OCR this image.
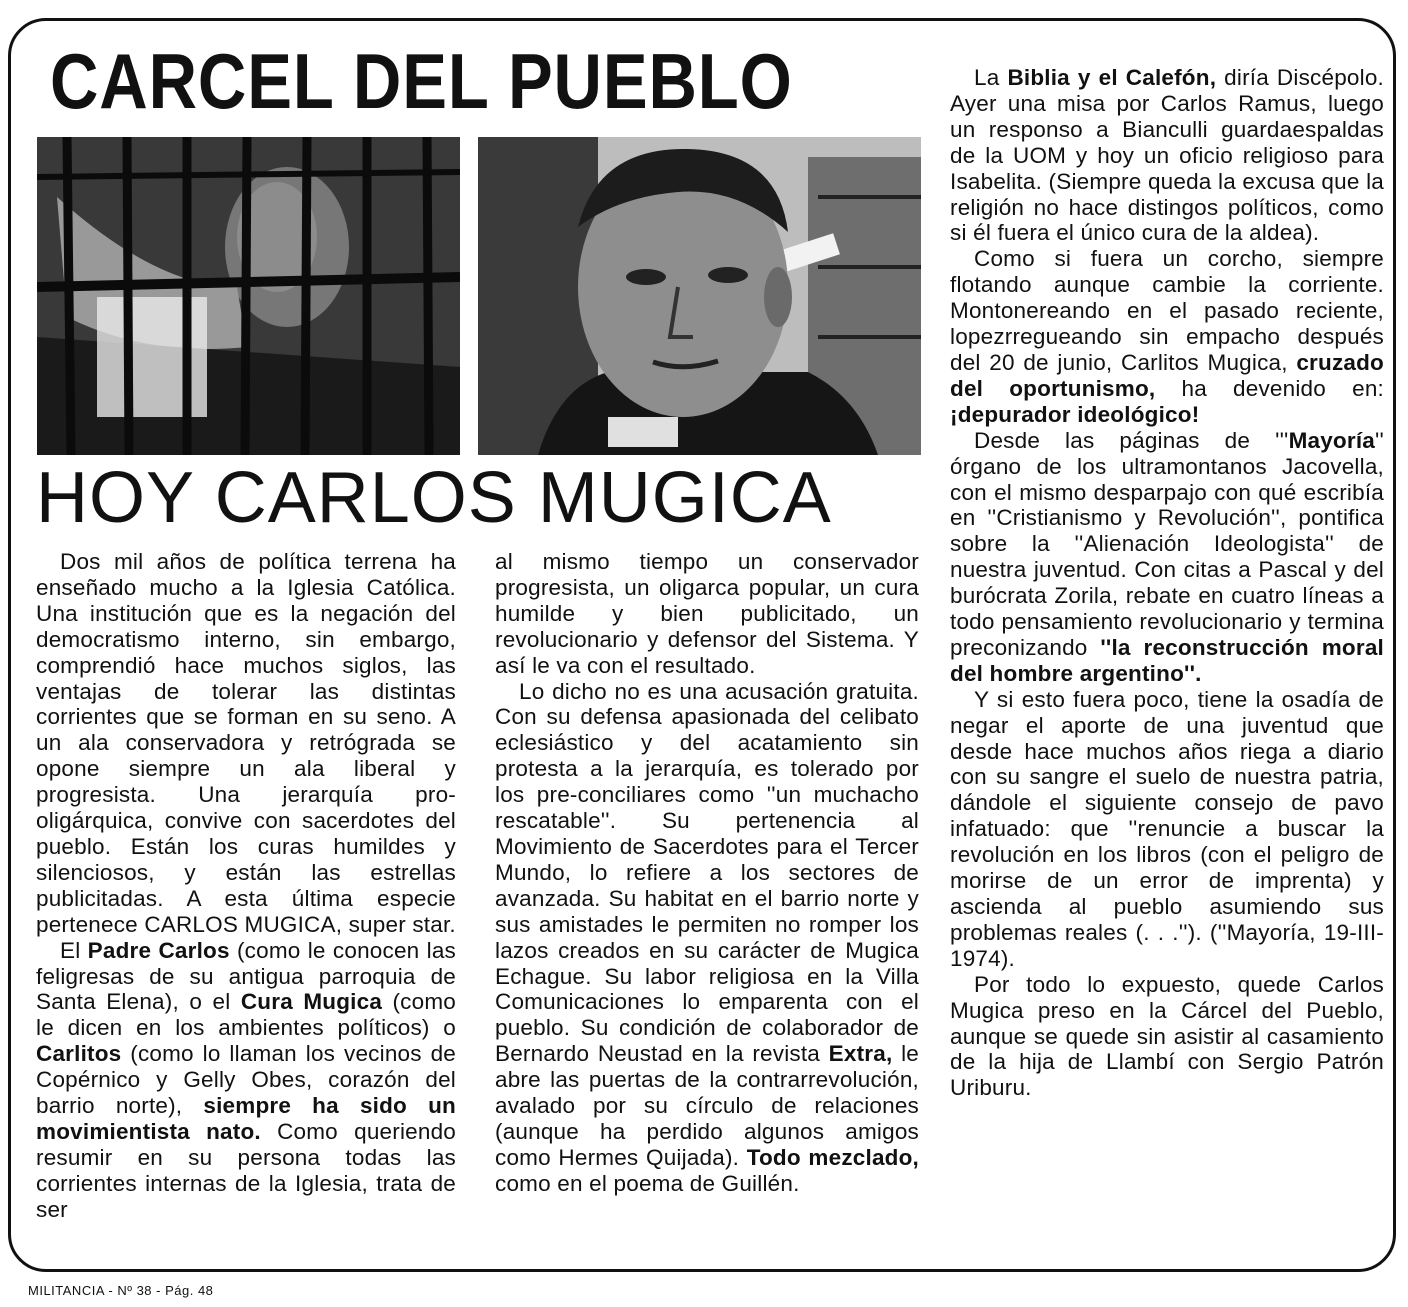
CARCEL DEL PUEBLO
HOY CARLOS MUGICA

Dos mil años de política terrena ha enseñado mucho a la Iglesia Católica. Una institución que es la negación del democratismo interno, sin embargo, comprendió hace muchos siglos, las ventajas de tolerar las distintas corrientes que se forman en su seno. A un ala conservadora y retrógrada se opone siempre un ala liberal y progresista. Una jerarquía pro-oligárquica, convive con sacerdotes del pueblo. Están los curas humildes y silenciosos, y están las estrellas publicitadas. A esta última especie pertenece CARLOS MUGICA, super star.

El Padre Carlos (como le conocen las feligresas de su antigua parroquia de Santa Elena), o el Cura Mugica (como le dicen en los ambientes políticos) o Carlitos (como lo llaman los vecinos de Copérnico y Gelly Obes, corazón del barrio norte), siempre ha sido un movimientista nato. Como queriendo resumir en su persona todas las corrientes internas de la Iglesia, trata de ser

al mismo tiempo un conservador progresista, un oligarca popular, un cura humilde y bien publicitado, un revolucionario y defensor del Sistema. Y así le va con el resultado.

Lo dicho no es una acusación gratuita. Con su defensa apasionada del celibato eclesiástico y del acatamiento sin protesta a la jerarquía, es tolerado por los pre-conciliares como ''un muchacho rescatable''. Su pertenencia al Movimiento de Sacerdotes para el Tercer Mundo, lo refiere a los sectores de avanzada. Su habitat en el barrio norte y sus amistades le permiten no romper los lazos creados en su carácter de Mugica Echague. Su labor religiosa en la Villa Comunicaciones lo emparenta con el pueblo. Su condición de colaborador de Bernardo Neustad en la revista Extra, le abre las puertas de la contrarrevolución, avalado por su círculo de relaciones (aunque ha perdido algunos amigos como Hermes Quijada). Todo mezclado, como en el poema de Guillén.

La Biblia y el Calefón, diría Discépolo. Ayer una misa por Carlos Ramus, luego un responso a Bianculli guardaespaldas de la UOM y hoy un oficio religioso para Isabelita. (Siempre queda la excusa que la religión no hace distingos políticos, como si él fuera el único cura de la aldea).

Como si fuera un corcho, siempre flotando aunque cambie la corriente. Montonereando en el pasado reciente, lopezrregueando sin empacho después del 20 de junio, Carlitos Mugica, cruzado del oportunismo, ha devenido en: ¡depurador ideológico!

Desde las páginas de '''Mayoría'' órgano de los ultramontanos Jacovella, con el mismo desparpajo con qué escribía en ''Cristianismo y Revolución'', pontifica sobre la ''Alienación Ideologista'' de nuestra juventud. Con citas a Pascal y del burócrata Zorila, rebate en cuatro líneas a todo pensamiento revolucionario y termina preconizando ''la reconstrucción moral del hombre argentino''.

Y si esto fuera poco, tiene la osadía de negar el aporte de una juventud que desde hace muchos años riega a diario con su sangre el suelo de nuestra patria, dándole el siguiente consejo de pavo infatuado: que ''renuncie a buscar la revolución en los libros (con el peligro de morirse de un error de imprenta) y ascienda al pueblo asumiendo sus problemas reales (. . .''). (''Mayoría, 19-III-1974).

Por todo lo expuesto, quede Carlos Mugica preso en la Cárcel del Pueblo, aunque se quede sin asistir al casamiento de la hija de Llambí con Sergio Patrón Uriburu.

MILITANCIA - Nº 38 - Pág. 48
